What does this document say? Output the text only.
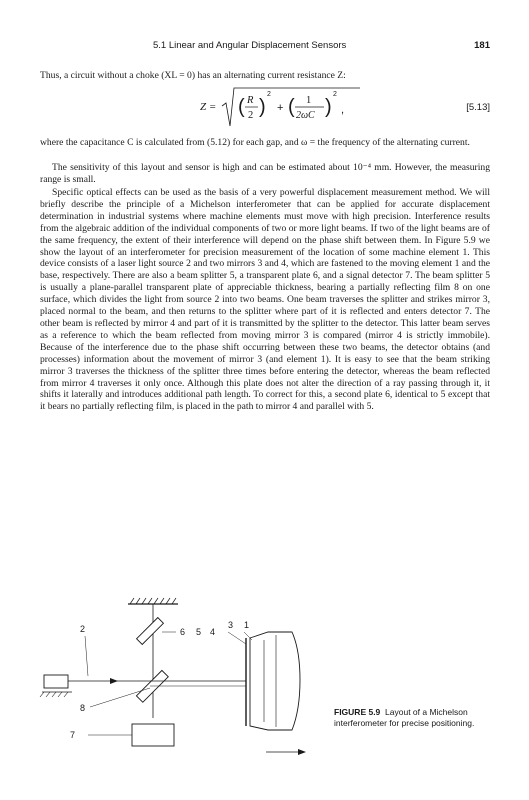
5.1 Linear and Angular Displacement Sensors	181

Thus, a circuit without a choke (XL = 0) has an alternating current resistance Z:

Z = ( R
2 )
2
+ ( 1
2ωC )
2
,	[5.13]

where the capacitance C is calculated from (5.12) for each gap, and ω = the frequency of the alternating current.

The sensitivity of this layout and sensor is high and can be estimated about 10⁻⁴ mm. However, the measuring range is small.

Specific optical effects can be used as the basis of a very powerful displacement measurement method. We will briefly describe the principle of a Michelson interferometer that can be applied for accurate displacement determination in industrial systems where machine elements must move with high precision. Interference results from the algebraic addition of the individual components of two or more light beams. If two of the light beams are of the same frequency, the extent of their interference will depend on the phase shift between them. In Figure 5.9 we show the layout of an interferometer for precision measurement of the location of some machine element 1. This device consists of a laser light source 2 and two mirrors 3 and 4, which are fastened to the moving element 1 and the base, respectively. There are also a beam splitter 5, a transparent plate 6, and a signal detector 7. The beam splitter 5 is usually a plane-parallel transparent plate of appreciable thickness, bearing a partially reflecting film 8 on one surface, which divides the light from source 2 into two beams. One beam traverses the splitter and strikes mirror 3, placed normal to the beam, and then returns to the splitter where part of it is reflected and enters detector 7. The other beam is reflected by mirror 4 and part of it is transmitted by the splitter to the detector. This latter beam serves as a reference to which the beam reflected from moving mirror 3 is compared (mirror 4 is strictly immobile). Because of the interference due to the phase shift occurring between these two beams, the detector obtains (and processes) information about the movement of mirror 3 (and element 1). It is easy to see that the beam striking mirror 3 traverses the thickness of the splitter three times before entering the detector, whereas the beam reflected from mirror 4 traverses it only once. Although this plate does not alter the direction of a ray passing through it, it shifts it laterally and introduces additional path length. To correct for this, a second plate 6, identical to 5 except that it bears no partially reflecting film, is placed in the path to mirror 4 and parallel with 5.

2	6 5 4
3 1
8
7
FIGURE 5.9 Layout of a Michelson interferometer for precise positioning.
